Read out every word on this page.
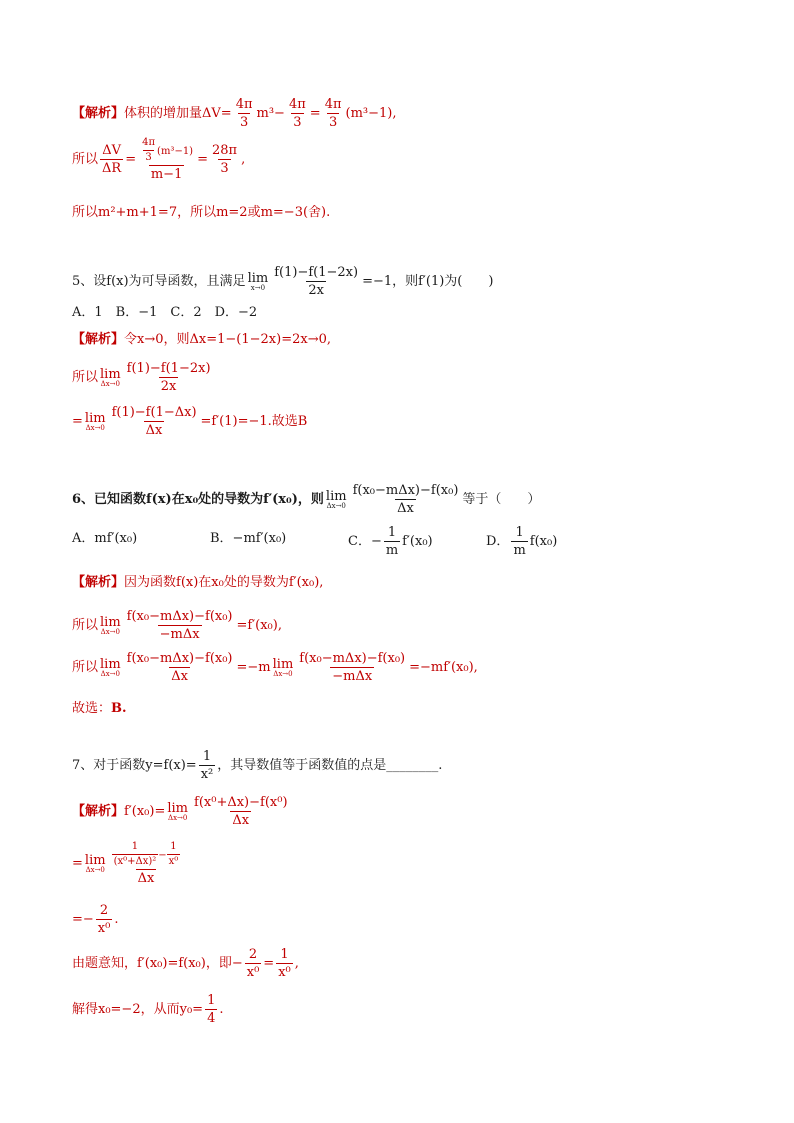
【解析】体积的增加量$\Delta V= \frac{4\pi}{3} m^3- \frac{4\pi}{3} = \frac{4\pi}{3} (m^3-1)$,
所以 $\frac{\Delta V}{\Delta R} = \frac{\frac{4\pi}{3} (m^3-1)}{m-1} = \frac{28\pi}{3}$ ,
所以m²+m+1=7，所以m=2或m=−3(舍).
5、设f(x)为可导函数，且满足 lim
$x\to 0 \frac{f(1)-f(1-2x)}{2x} =-1$，则f′(1)为(　　)
A．1　B．−1　C．2　D．−2
【解析】令x→0，则Δx=1−(1−2x)=2x→0,
所以 lim
$\Delta x\to 0 \frac{f(1)-f(1-2x)}{2x}$
= lim
$\Delta x\to 0 \frac{f(1)-f(1-\Delta x)}{\Delta x} =f'(1)=-1$.故选B
6、已知函数f(x)在x₀处的导数为f′(x₀)，则 lim
$\Delta x\to 0 \frac{\text{f(x₀−mΔx)−f(x₀)}}{\Delta x}$ 等于（　　）
A．mf′(x₀)	B．−mf′(x₀)	C．− $\frac{1}{m} f'(x_0)$	D． $\frac{1}{m} f(x_0)$
【解析】因为函数f(x)在x₀处的导数为f′(x₀),
所以 lim
$\Delta x\to 0 \frac{\text{f(x₀−mΔx)−f(x₀)}}{\text{−mΔx}} =f'(x_0)$,
所以 lim
$\Delta x\to 0 \frac{\text{f(x₀−mΔx)−f(x₀)}}{\Delta x} =-m$ lim
$\Delta x\to 0 \frac{\text{f(x₀−mΔx)−f(x₀)}}{\text{−mΔx}} =-mf'(x_0)$,
故选：B.
7、对于函数$y=f(x)= \frac{1}{\text{x²}}$ ，其导数值等于函数值的点是________.
【解析】f′(x₀)= lim
$\Delta x\to 0 \frac{\text{f(x⁰+Δx)−f(x⁰)}}{\Delta x}$
= lim
$\Delta x\to 0 \frac{\frac{1}{\text{(x⁰+Δx)²}} - \frac{1}{\text{x⁰}}}{\Delta x}$
=− $\frac{2}{\text{x⁰}}$ .
由题意知，f′(x₀)=f(x₀)，即− $\frac{2}{\text{x⁰}} = \frac{1}{\text{x⁰}}$ ,
解得x₀=−2，从而$y_0= \frac{1}{4}$ .
